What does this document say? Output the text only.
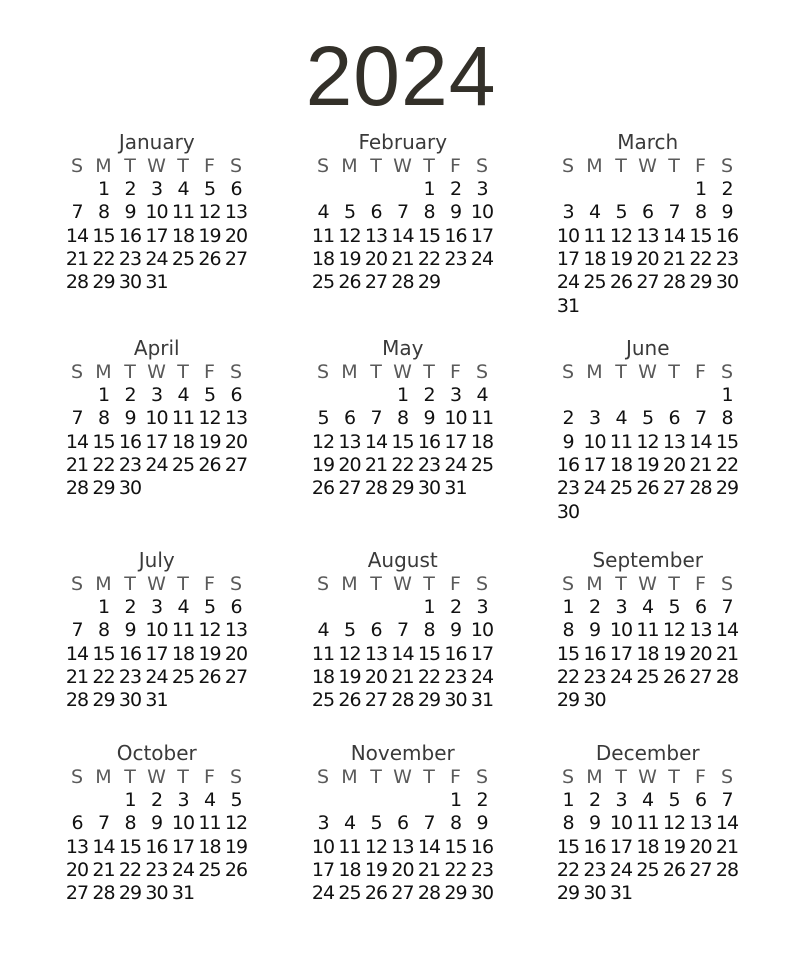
2024
January
S M T W T F S
1 2 3 4 5 6
7 8 9 10 11 12 13
14 15 16 17 18 19 20
21 22 23 24 25 26 27
28 29 30 31
February
S M T W T F S
1 2 3
4 5 6 7 8 9 10
11 12 13 14 15 16 17
18 19 20 21 22 23 24
25 26 27 28 29
March
S M T W T F S
1 2
3 4 5 6 7 8 9
10 11 12 13 14 15 16
17 18 19 20 21 22 23
24 25 26 27 28 29 30
31
April
S M T W T F S
1 2 3 4 5 6
7 8 9 10 11 12 13
14 15 16 17 18 19 20
21 22 23 24 25 26 27
28 29 30
May
S M T W T F S
1 2 3 4
5 6 7 8 9 10 11
12 13 14 15 16 17 18
19 20 21 22 23 24 25
26 27 28 29 30 31
June
S M T W T F S
1
2 3 4 5 6 7 8
9 10 11 12 13 14 15
16 17 18 19 20 21 22
23 24 25 26 27 28 29
30
July
S M T W T F S
1 2 3 4 5 6
7 8 9 10 11 12 13
14 15 16 17 18 19 20
21 22 23 24 25 26 27
28 29 30 31
August
S M T W T F S
1 2 3
4 5 6 7 8 9 10
11 12 13 14 15 16 17
18 19 20 21 22 23 24
25 26 27 28 29 30 31
September
S M T W T F S
1 2 3 4 5 6 7
8 9 10 11 12 13 14
15 16 17 18 19 20 21
22 23 24 25 26 27 28
29 30
October
S M T W T F S
1 2 3 4 5
6 7 8 9 10 11 12
13 14 15 16 17 18 19
20 21 22 23 24 25 26
27 28 29 30 31
November
S M T W T F S
1 2
3 4 5 6 7 8 9
10 11 12 13 14 15 16
17 18 19 20 21 22 23
24 25 26 27 28 29 30
December
S M T W T F S
1 2 3 4 5 6 7
8 9 10 11 12 13 14
15 16 17 18 19 20 21
22 23 24 25 26 27 28
29 30 31
